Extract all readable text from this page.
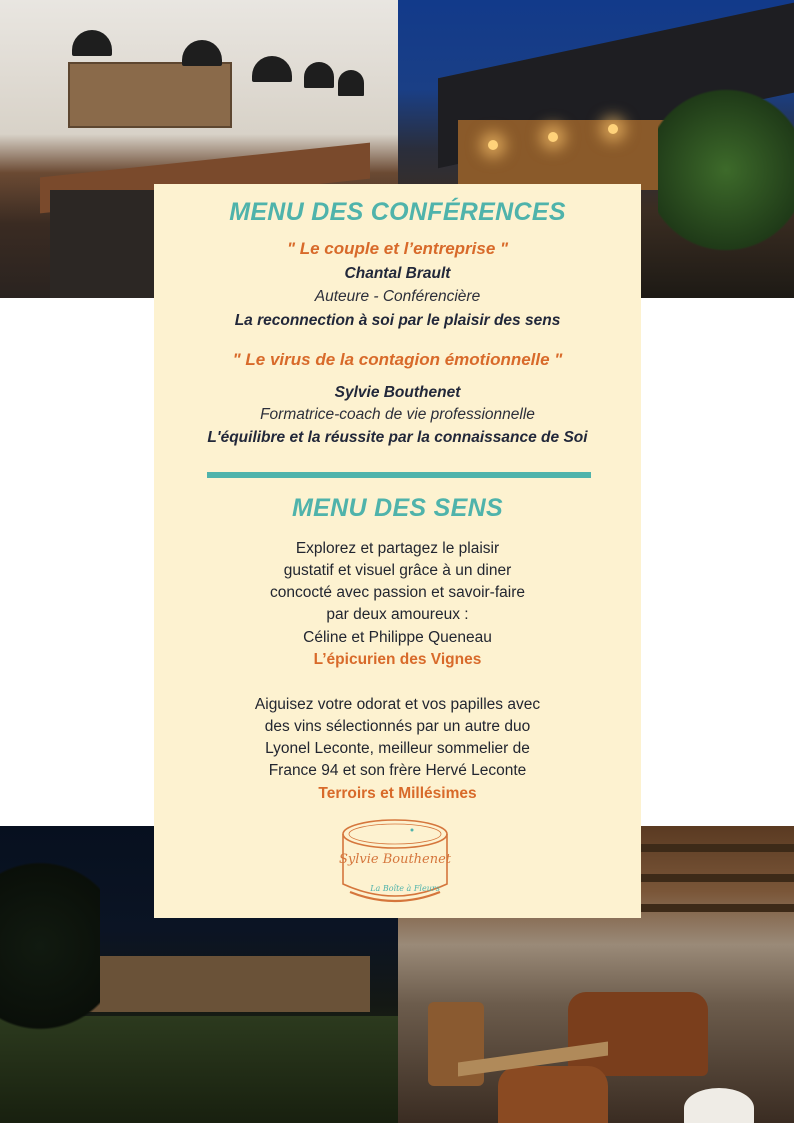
MENU DES CONFÉRENCES
" Le couple et l’entreprise "
Chantal Brault
Auteure - Conférencière
La reconnection à soi par le plaisir des sens
" Le virus de la contagion émotionnelle "
Sylvie Bouthenet
Formatrice-coach de vie professionnelle
L'équilibre et la réussite par la connaissance de Soi
MENU DES SENS
Explorez et partagez le plaisir
gustatif et visuel grâce à un diner
concocté avec passion et savoir-faire
par deux amoureux :
Céline et Philippe Queneau
L’épicurien des Vignes
Aiguisez votre odorat et vos papilles avec
des vins sélectionnés par un autre duo
Lyonel Leconte, meilleur sommelier de
France 94 et son frère Hervé Leconte
Terroirs et Millésimes
Sylvie Bouthenet
La Boîte à Fleurs
